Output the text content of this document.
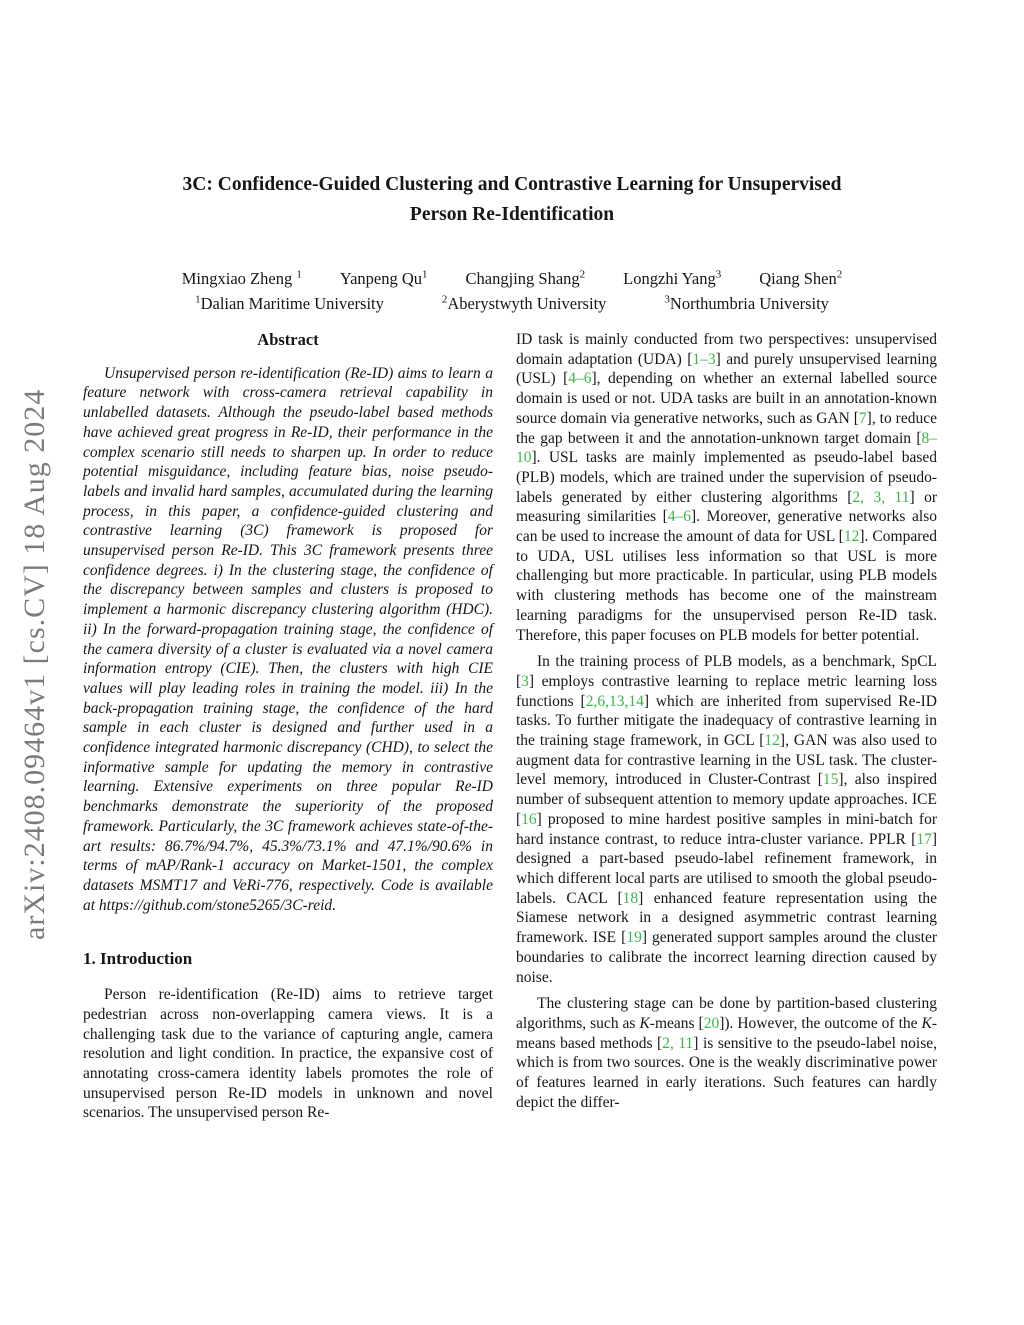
arXiv:2408.09464v1 [cs.CV] 18 Aug 2024
3C: Confidence-Guided Clustering and Contrastive Learning for Unsupervised
Person Re-Identification
Mingxiao Zheng $^1$ Yanpeng Qu$^1$ Changjing Shang$^2$ Longzhi Yang$^3$ Qiang Shen$^2$
$^1$Dalian Maritime University	$^2$Aberystwyth University	$^3$Northumbria University
Abstract

Unsupervised person re-identification (Re-ID) aims to learn a feature network with cross-camera retrieval capability in unlabelled datasets. Although the pseudo-label based methods have achieved great progress in Re-ID, their performance in the complex scenario still needs to sharpen up. In order to reduce potential misguidance, including feature bias, noise pseudo-labels and invalid hard samples, accumulated during the learning process, in this paper, a confidence-guided clustering and contrastive learning (3C) framework is proposed for unsupervised person Re-ID. This 3C framework presents three confidence degrees. i) In the clustering stage, the confidence of the discrepancy between samples and clusters is proposed to implement a harmonic discrepancy clustering algorithm (HDC). ii) In the forward-propagation training stage, the confidence of the camera diversity of a cluster is evaluated via a novel camera information entropy (CIE). Then, the clusters with high CIE values will play leading roles in training the model. iii) In the back-propagation training stage, the confidence of the hard sample in each cluster is designed and further used in a confidence integrated harmonic discrepancy (CHD), to select the informative sample for updating the memory in contrastive learning. Extensive experiments on three popular Re-ID benchmarks demonstrate the superiority of the proposed framework. Particularly, the 3C framework achieves state-of-the-art results: 86.7%/94.7%, 45.3%/73.1% and 47.1%/90.6% in terms of mAP/Rank-1 accuracy on Market-1501, the complex datasets MSMT17 and VeRi-776, respectively. Code is available at https://github.com/stone5265/3C-reid.

1. Introduction

Person re-identification (Re-ID) aims to retrieve target pedestrian across non-overlapping camera views. It is a challenging task due to the variance of capturing angle, camera resolution and light condition. In practice, the expansive cost of annotating cross-camera identity labels promotes the role of unsupervised person Re-ID models in unknown and novel scenarios. The unsupervised person Re-

ID task is mainly conducted from two perspectives: unsupervised domain adaptation (UDA) [1–3] and purely unsupervised learning (USL) [4–6], depending on whether an external labelled source domain is used or not. UDA tasks are built in an annotation-known source domain via generative networks, such as GAN [7], to reduce the gap between it and the annotation-unknown target domain [8–10]. USL tasks are mainly implemented as pseudo-label based (PLB) models, which are trained under the supervision of pseudo-labels generated by either clustering algorithms [2, 3, 11] or measuring similarities [4–6]. Moreover, generative networks also can be used to increase the amount of data for USL [12]. Compared to UDA, USL utilises less information so that USL is more challenging but more practicable. In particular, using PLB models with clustering methods has become one of the mainstream learning paradigms for the unsupervised person Re-ID task. Therefore, this paper focuses on PLB models for better potential.

In the training process of PLB models, as a benchmark, SpCL [3] employs contrastive learning to replace metric learning loss functions [2,6,13,14] which are inherited from supervised Re-ID tasks. To further mitigate the inadequacy of contrastive learning in the training stage framework, in GCL [12], GAN was also used to augment data for contrastive learning in the USL task. The cluster-level memory, introduced in Cluster-Contrast [15], also inspired number of subsequent attention to memory update approaches. ICE [16] proposed to mine hardest positive samples in mini-batch for hard instance contrast, to reduce intra-cluster variance. PPLR [17] designed a part-based pseudo-label refinement framework, in which different local parts are utilised to smooth the global pseudo-labels. CACL [18] enhanced feature representation using the Siamese network in a designed asymmetric contrast learning framework. ISE [19] generated support samples around the cluster boundaries to calibrate the incorrect learning direction caused by noise.

The clustering stage can be done by partition-based clustering algorithms, such as K-means [20]). However, the outcome of the K-means based methods [2, 11] is sensitive to the pseudo-label noise, which is from two sources. One is the weakly discriminative power of features learned in early iterations. Such features can hardly depict the differ-
